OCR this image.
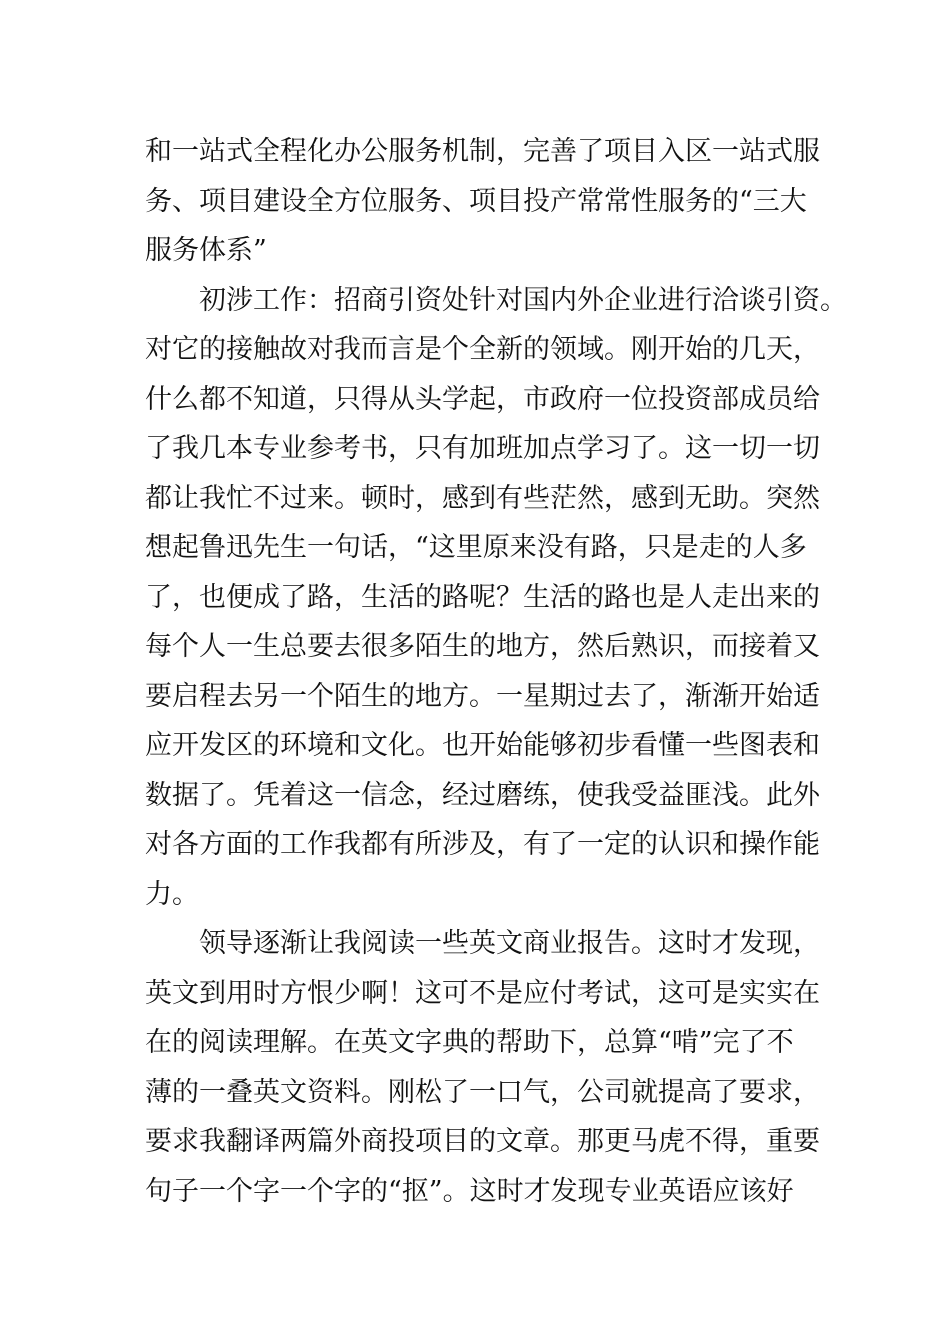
和一站式全程化办公服务机制，完善了项目入区一站式服
务、项目建设全方位服务、项目投产常常性服务的“三大
服务体系”
初涉工作：招商引资处针对国内外企业进行洽谈引资。
对它的接触故对我而言是个全新的领域。刚开始的几天，
什么都不知道，只得从头学起，市政府一位投资部成员给
了我几本专业参考书，只有加班加点学习了。这一切一切
都让我忙不过来。顿时，感到有些茫然，感到无助。突然
想起鲁迅先生一句话，“这里原来没有路，只是走的人多
了，也便成了路，生活的路呢？生活的路也是人走出来的
每个人一生总要去很多陌生的地方，然后熟识，而接着又
要启程去另一个陌生的地方。一星期过去了，渐渐开始适
应开发区的环境和文化。也开始能够初步看懂一些图表和
数据了。凭着这一信念，经过磨练，使我受益匪浅。此外
对各方面的工作我都有所涉及，有了一定的认识和操作能
力。
领导逐渐让我阅读一些英文商业报告。这时才发现，
英文到用时方恨少啊！这可不是应付考试，这可是实实在
在的阅读理解。在英文字典的帮助下，总算“啃”完了不
薄的一叠英文资料。刚松了一口气，公司就提高了要求，
要求我翻译两篇外商投项目的文章。那更马虎不得，重要
句子一个字一个字的“抠”。这时才发现专业英语应该好
